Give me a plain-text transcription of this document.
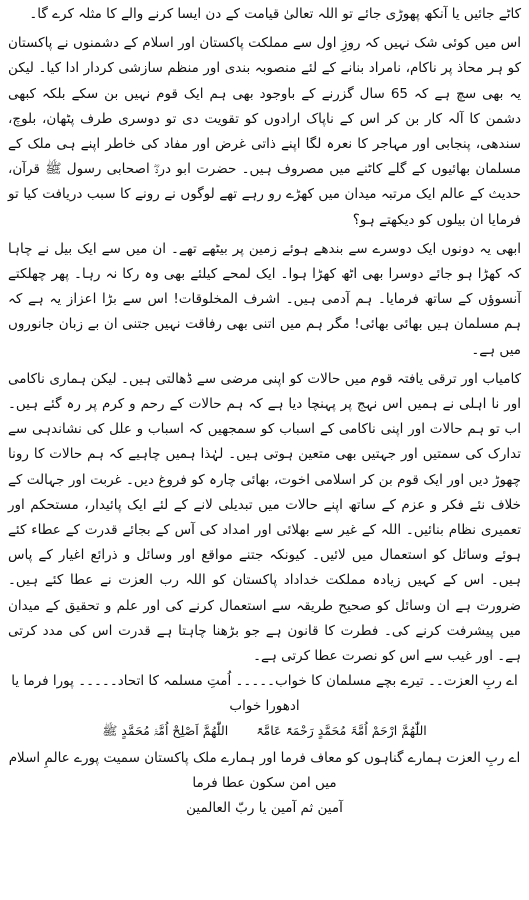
کاٹے جائیں یا آنکھ پھوڑی جائے تو اللہ تعالیٰ قیامت کے دن ایسا کرنے والے کا مثلہ کرے گا۔

اس میں کوئی شک نہیں کہ روزِ اول سے مملکت پاکستان اور اسلام کے دشمنوں نے پاکستان کو ہر محاذ پر ناکام، نامراد بنانے کے لئے منصوبہ بندی اور منظم سازشی کردار ادا کیا۔ لیکن یہ بھی سچ ہے کہ 65 سال گزرنے کے باوجود بھی ہم ایک قوم نہیں بن سکے بلکہ کبھی دشمن کا آلہ کار بن کر اس کے ناپاک ارادوں کو تقویت دی تو دوسری طرف پٹھان، بلوچ، سندھی، پنجابی اور مہاجر کا نعرہ لگا اپنے ذاتی غرض اور مفاد کی خاطر اپنے ہی ملک کے مسلمان بھائیوں کے گلے کاٹنے میں مصروف ہیں۔ حضرت ابو دردؓ اصحابی رسول ﷺ قرآن، حدیث کے عالم ایک مرتبہ میدان میں کھڑے رو رہے تھے لوگوں نے رونے کا سبب دریافت کیا تو فرمایا ان بیلوں کو دیکھتے ہو؟

ابھی یہ دونوں ایک دوسرے سے بندھے ہوئے زمین پر بیٹھے تھے۔ ان میں سے ایک بیل نے چاہا کہ کھڑا ہو جائے دوسرا بھی اٹھ کھڑا ہوا۔ ایک لمحے کیلئے بھی وہ رکا نہ رہا۔ پھر چھلکتے آنسوؤں کے ساتھ فرمایا۔ ہم آدمی ہیں۔ اشرف المخلوقات! اس سے بڑا اعزاز یہ ہے کہ ہم مسلمان ہیں بھائی بھائی! مگر ہم میں اتنی بھی رفاقت نہیں جتنی ان بے زبان جانوروں میں ہے۔

کامیاب اور ترقی یافتہ قوم میں حالات کو اپنی مرضی سے ڈھالتی ہیں۔ لیکن ہماری ناکامی اور نا اہلی نے ہمیں اس نہج پر پہنچا دیا ہے کہ ہم حالات کے رحم و کرم پر رہ گئے ہیں۔ اب تو ہم حالات اور اپنی ناکامی کے اسباب کو سمجھیں کہ اسباب و علل کی نشاندہی سے تدارک کی سمتیں اور جہتیں بھی متعین ہوتی ہیں۔ لہٰذا ہمیں چاہیے کہ ہم حالات کا رونا چھوڑ دیں اور ایک قوم بن کر اسلامی اخوت، بھائی چارہ کو فروغ دیں۔ غربت اور جہالت کے خلاف نئے فکر و عزم کے ساتھ اپنے حالات میں تبدیلی لانے کے لئے ایک پائیدار، مستحکم اور تعمیری نظام بنائیں۔ اللہ کے غیر سے بھلائی اور امداد کی آس کے بجائے قدرت کے عطاء کئے ہوئے وسائل کو استعمال میں لائیں۔ کیونکہ جتنے مواقع اور وسائل و ذرائع اغیار کے پاس ہیں۔ اس کے کہیں زیادہ مملکت خداداد پاکستان کو اللہ رب العزت نے عطا کئے ہیں۔ ضرورت ہے ان وسائل کو صحیح طریقہ سے استعمال کرنے کی اور علم و تحقیق کے میدان میں پیشرفت کرنے کی۔ فطرت کا قانون ہے جو بڑھنا چاہتا ہے قدرت اس کی مدد کرتی ہے۔ اور غیب سے اس کو نصرت عطا کرتی ہے۔

اے ربِ العزت۔۔ تیرے بچے مسلمان کا خواب۔۔۔۔۔ اُمتِ مسلمہ کا اتحاد۔۔۔۔۔ پورا فرما یا ادھورا خواب

اللّٰھُمَّ ارْحَمْ اُمَّۃَ مُحَمَّدٍ رَحْمَۃً عَامَّۃً اللّٰھُمَّ اَصْلِحْ اُمَّۃَ مُحَمَّدٍ ﷺ

اے ربِ العزت ہمارے گناہوں کو معاف فرما اور ہمارے ملک پاکستان سمیت پورے عالمِ اسلام میں امن سکون عطا فرما

آمین ثم آمین یا ربّ العالمین
